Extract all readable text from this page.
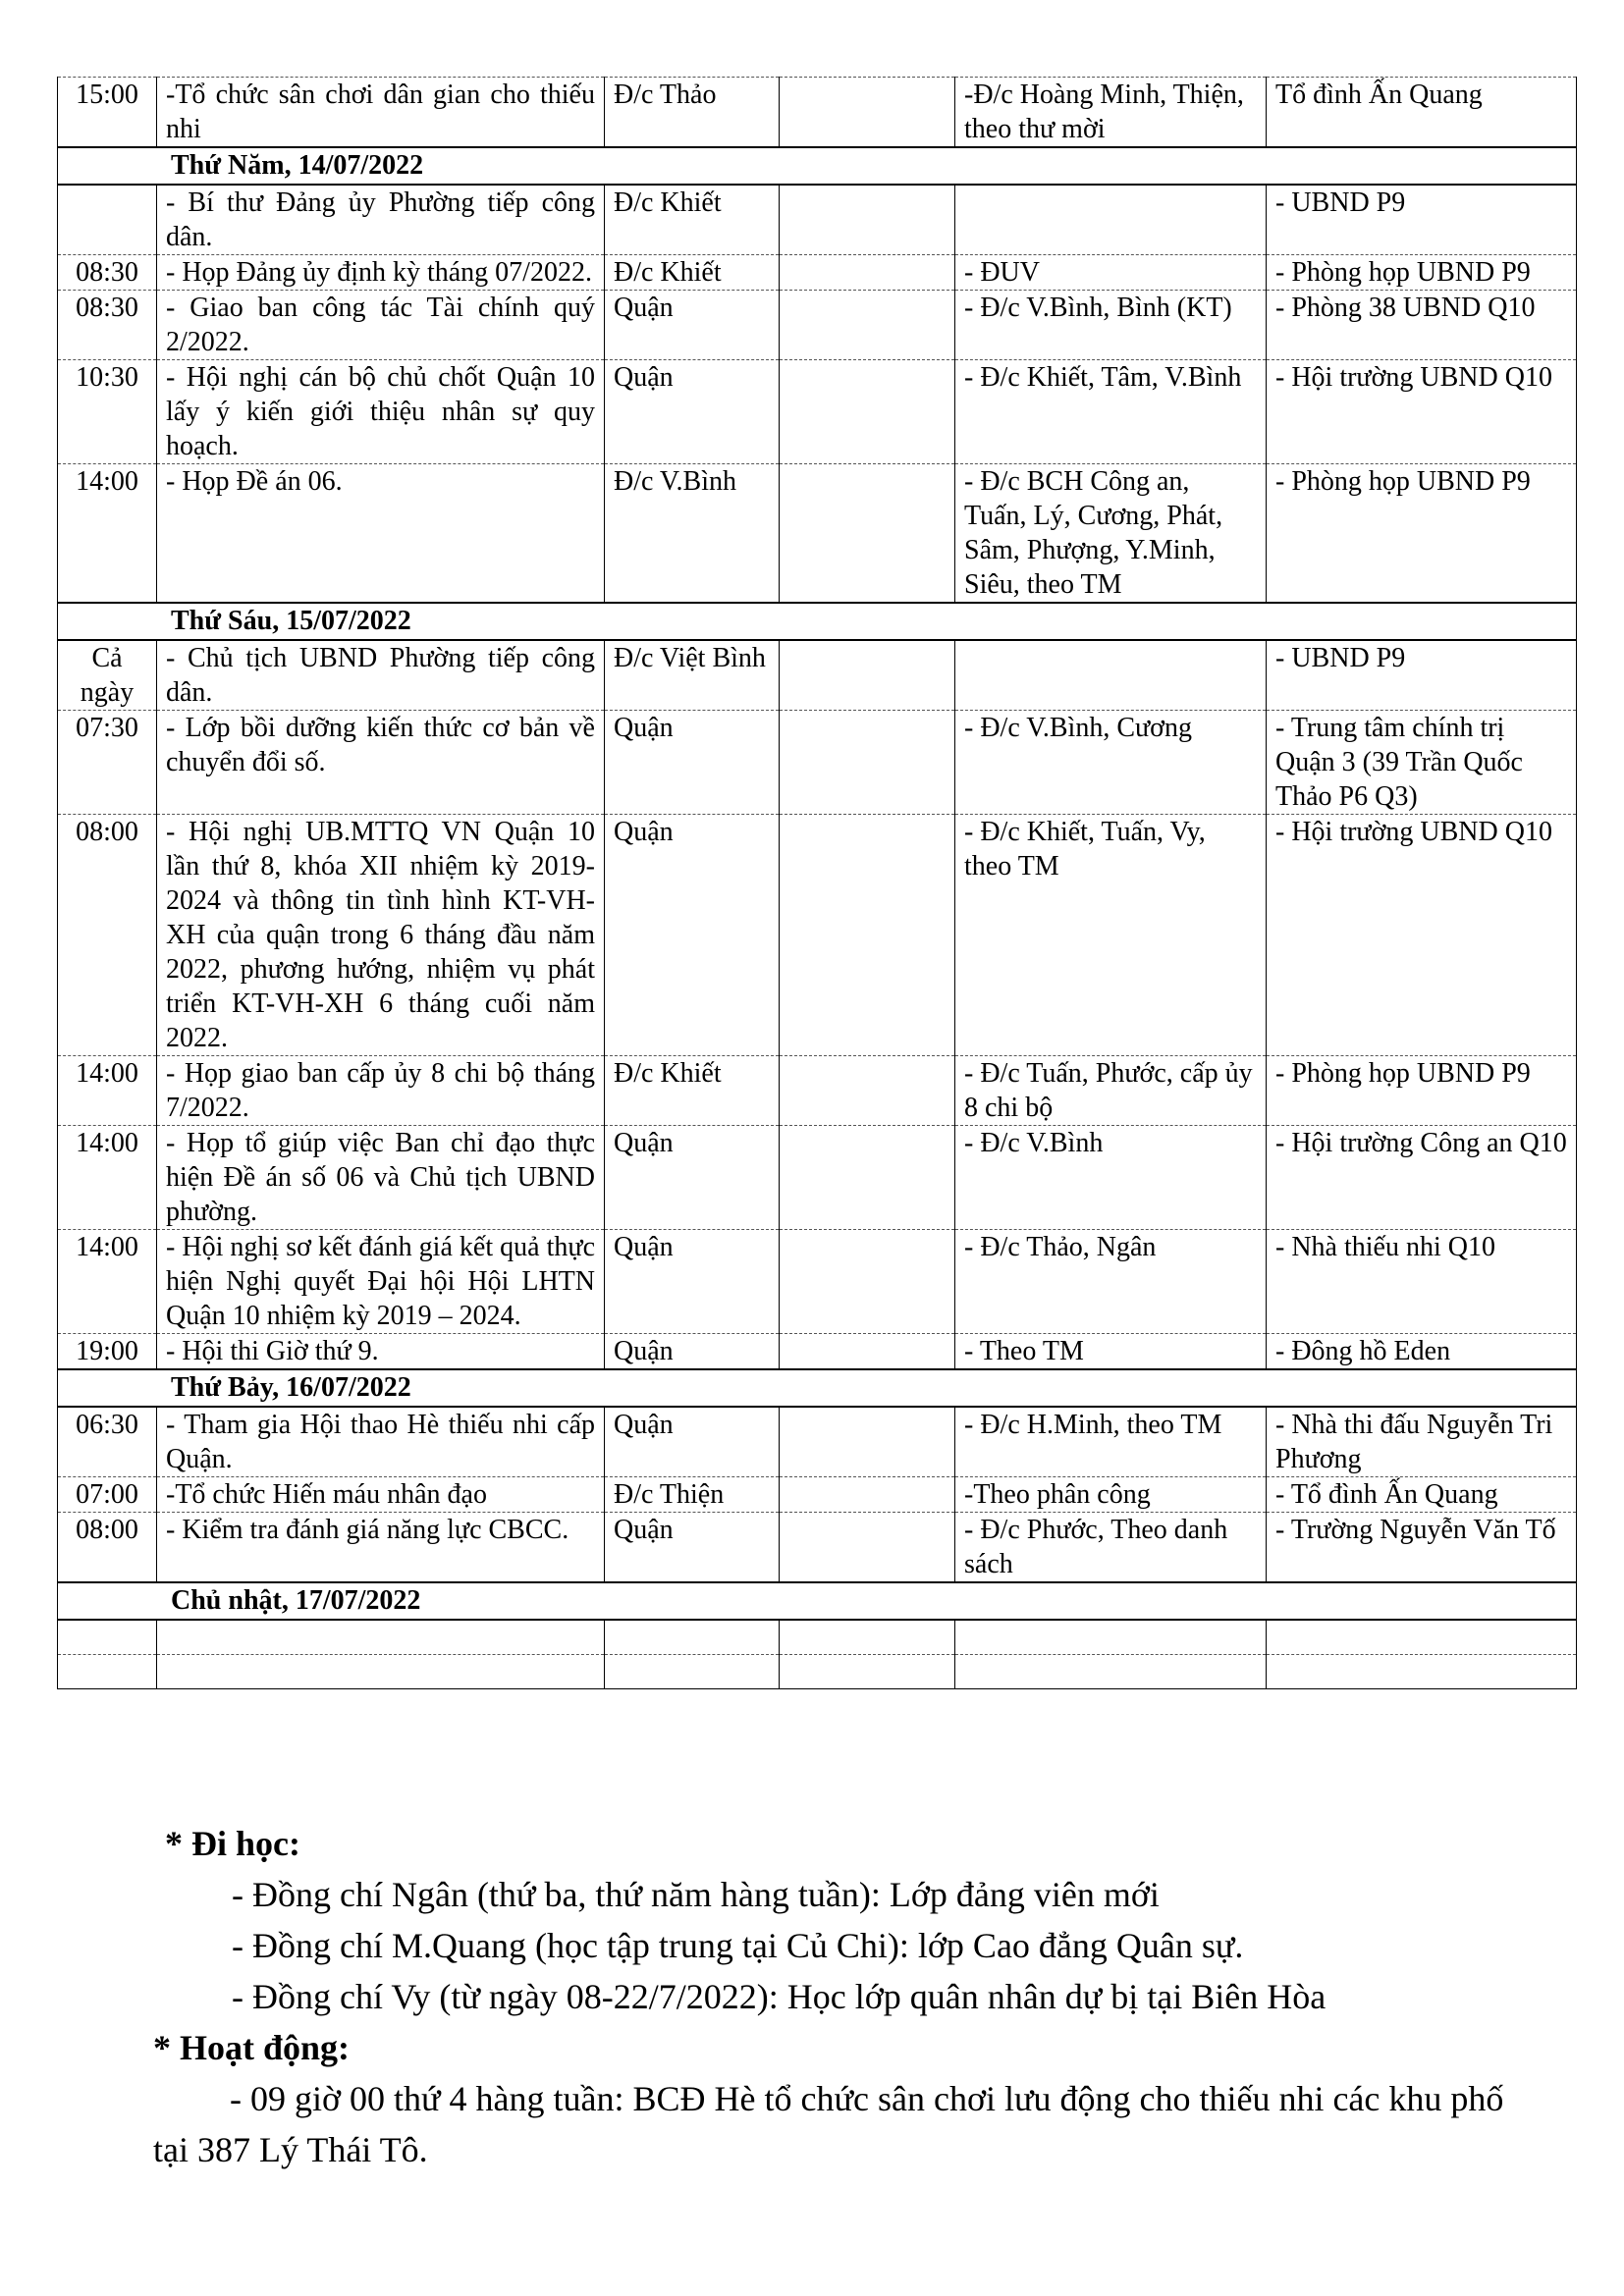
15:00	-Tổ chức sân chơi dân gian cho thiếu nhi	Đ/c Thảo		-Đ/c Hoàng Minh, Thiện, theo thư mời	Tổ đình Ấn Quang
Thứ Năm, 14/07/2022					
	- Bí thư Đảng ủy Phường tiếp công dân.	Đ/c Khiết			- UBND P9
08:30	- Họp Đảng ủy định kỳ tháng 07/2022.	Đ/c Khiết		- ĐUV	- Phòng họp UBND P9
08:30	- Giao ban công tác Tài chính quý 2/2022.	Quận		- Đ/c V.Bình, Bình (KT)	- Phòng 38 UBND Q10
10:30	- Hội nghị cán bộ chủ chốt Quận 10 lấy ý kiến giới thiệu nhân sự quy hoạch.	Quận		- Đ/c Khiết, Tâm, V.Bình	- Hội trường UBND Q10
14:00	- Họp Đề án 06.	Đ/c V.Bình		- Đ/c BCH Công an, Tuấn, Lý, Cương, Phát, Sâm, Phượng, Y.Minh, Siêu, theo TM	- Phòng họp UBND P9
Thứ Sáu, 15/07/2022					
Cả ngày	- Chủ tịch UBND Phường tiếp công dân.	Đ/c Việt Bình			- UBND P9
07:30	- Lớp bồi dưỡng kiến thức cơ bản về chuyển đổi số.	Quận		- Đ/c V.Bình, Cương	- Trung tâm chính trị Quận 3 (39 Trần Quốc Thảo P6 Q3)
08:00	- Hội nghị UB.MTTQ VN Quận 10 lần thứ 8, khóa XII nhiệm kỳ 2019-2024 và thông tin tình hình KT-VH-XH của quận trong 6 tháng đầu năm 2022, phương hướng, nhiệm vụ phát triển KT-VH-XH 6 tháng cuối năm 2022.	Quận		- Đ/c Khiết, Tuấn, Vy, theo TM	- Hội trường UBND Q10
14:00	- Họp giao ban cấp ủy 8 chi bộ tháng 7/2022.	Đ/c Khiết		- Đ/c Tuấn, Phước, cấp ủy 8 chi bộ	- Phòng họp UBND P9
14:00	- Họp tổ giúp việc Ban chỉ đạo thực hiện Đề án số 06 và Chủ tịch UBND phường.	Quận		- Đ/c V.Bình	- Hội trường Công an Q10
14:00	- Hội nghị sơ kết đánh giá kết quả thực hiện Nghị quyết Đại hội Hội LHTN Quận 10 nhiệm kỳ 2019 – 2024.	Quận		- Đ/c Thảo, Ngân	- Nhà thiếu nhi Q10
19:00	- Hội thi Giờ thứ 9.	Quận		- Theo TM	- Đông hồ Eden
Thứ Bảy, 16/07/2022					
06:30	- Tham gia Hội thao Hè thiếu nhi cấp Quận.	Quận		- Đ/c H.Minh, theo TM	- Nhà thi đấu Nguyễn Tri Phương
07:00	-Tổ chức Hiến máu nhân đạo	Đ/c Thiện		-Theo phân công	- Tổ đình Ấn Quang
08:00	- Kiểm tra đánh giá năng lực CBCC.	Quận		- Đ/c Phước, Theo danh sách	- Trường Nguyễn Văn Tố
Chủ nhật, 17/07/2022					

* Đi học:
- Đồng chí Ngân (thứ ba, thứ năm hàng tuần): Lớp đảng viên mới
- Đồng chí M.Quang (học tập trung tại Củ Chi): lớp Cao đẳng Quân sự.
- Đồng chí Vy (từ ngày 08-22/7/2022): Học lớp quân nhân dự bị tại Biên Hòa
* Hoạt động:
- 09 giờ 00 thứ 4 hàng tuần: BCĐ Hè tổ chức sân chơi lưu động cho thiếu nhi các khu phố tại 387 Lý Thái Tô.
